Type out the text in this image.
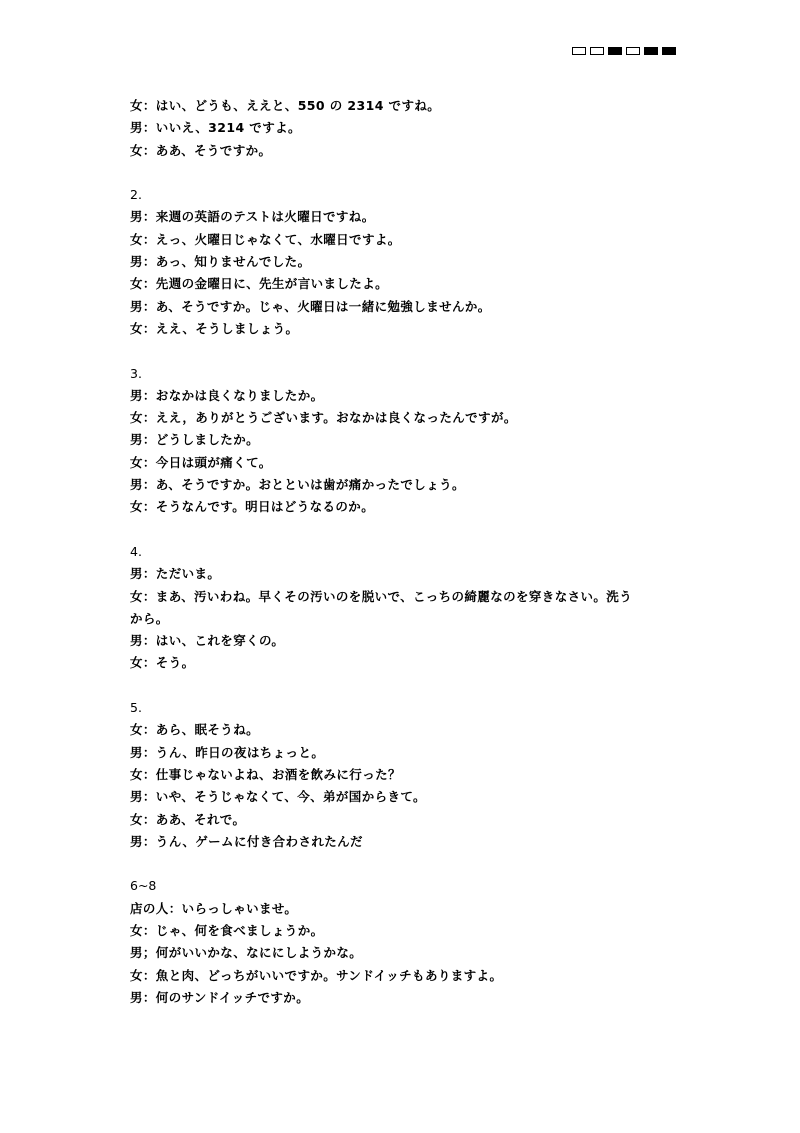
女：はい、どうも、ええと、550 の 2314 ですね。
男：いいえ、3214 ですよ。
女：ああ、そうですか。
2.
男：来週の英語のテストは火曜日ですね。
女：えっ、火曜日じゃなくて、水曜日ですよ。
男：あっ、知りませんでした。
女：先週の金曜日に、先生が言いましたよ。
男：あ、そうですか。じゃ、火曜日は一緒に勉強しませんか。
女：ええ、そうしましょう。
3.
男：おなかは良くなりましたか。
女：ええ，ありがとうございます。おなかは良くなったんですが。
男：どうしましたか。
女：今日は頭が痛くて。
男：あ、そうですか。おとといは歯が痛かったでしょう。
女：そうなんです。明日はどうなるのか。
4.
男：ただいま。
女：まあ、汚いわね。早くその汚いのを脱いで、こっちの綺麗なのを穿きなさい。洗う
から。
男：はい、これを穿くの。
女：そう。
5.
女：あら、眠そうね。
男：うん、昨日の夜はちょっと。
女：仕事じゃないよね、お酒を飲みに行った？
男：いや、そうじゃなくて、今、弟が国からきて。
女：ああ、それで。
男：うん、ゲームに付き合わされたんだ
6~8
店の人：いらっしゃいませ。
女：じゃ、何を食べましょうか。
男；何がいいかな、なににしようかな。
女：魚と肉、どっちがいいですか。サンドイッチもありますよ。
男：何のサンドイッチですか。
